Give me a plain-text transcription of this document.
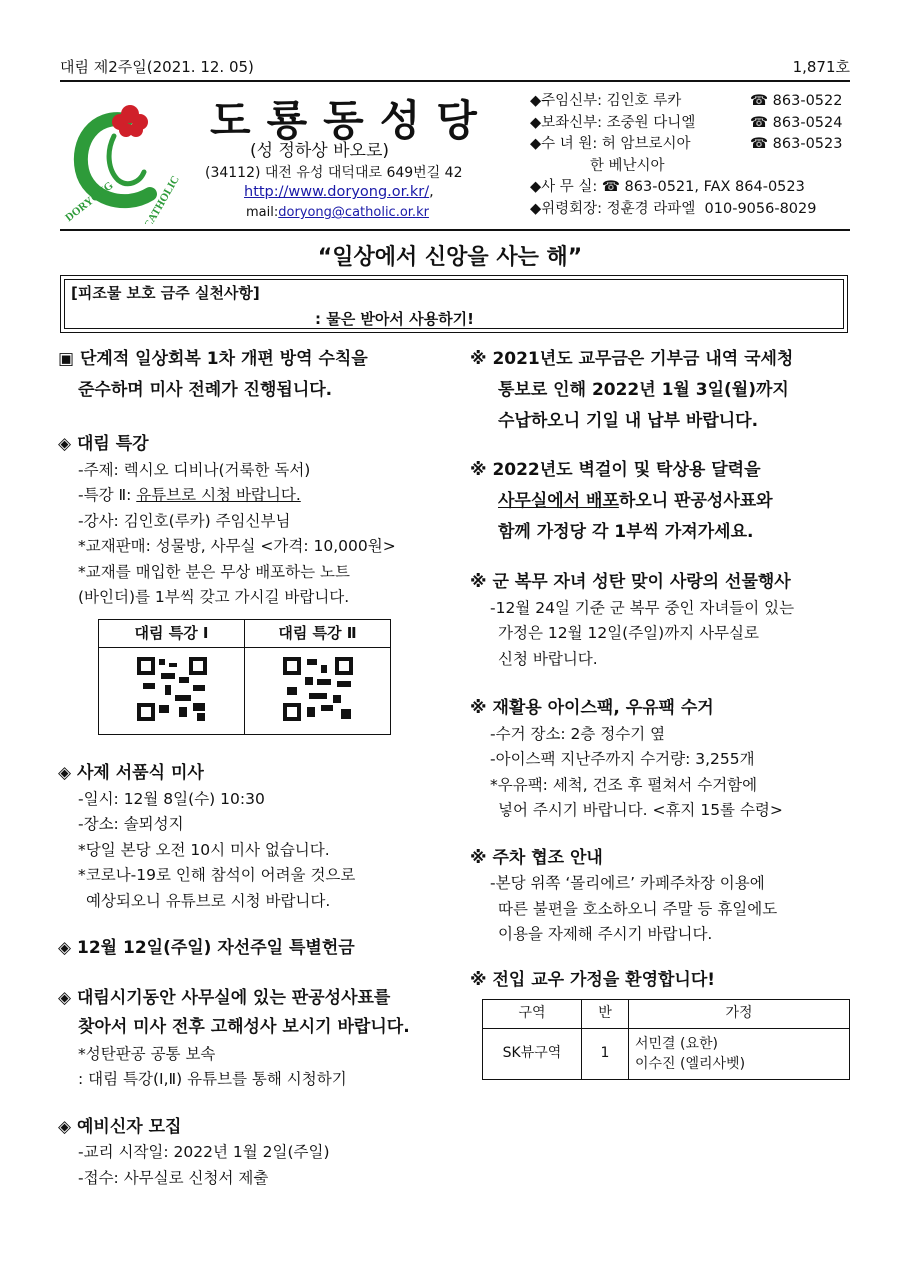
대림 제2주일(2021. 12. 05)	1,871호
DORYONG CATHOLIC
도룡동성당
(성 정하상 바오로)
(34112) 대전 유성 대덕대로 649번길 42
http://www.doryong.or.kr/,
mail:doryong@catholic.or.kr
◆주임신부: 김인호 루카	☎ 863-0522
◆보좌신부: 조중원 다니엘	☎ 863-0524
◆수 녀 원: 허 암브로시아	☎ 863-0523
한 베난시아
◆사 무 실: ☎ 863-0521, FAX 864-0523
◆위령회장: 정훈경 라파엘  010-9056-8029
“일상에서 신앙을 사는 해”
[피조물 보호 금주 실천사항]
: 물은 받아서 사용하기!
▣ 단계적 일상회복 1차 개편 방역 수칙을
준수하며 미사 전례가 진행됩니다.
◈ 대림 특강
-주제: 렉시오 디비나(거룩한 독서)
-특강 Ⅱ: 유튜브로 시청 바랍니다.
-강사: 김인호(루카) 주임신부님
*교재판매: 성물방, 사무실 <가격: 10,000원>
*교재를 매입한 분은 무상 배포하는 노트
(바인더)를 1부씩 갖고 가시길 바랍니다.
대림 특강 Ⅰ	대림 특강 Ⅱ

◈ 사제 서품식 미사
-일시: 12월 8일(수) 10:30
-장소: 솔뫼성지
*당일 본당 오전 10시 미사 없습니다.
*코로나-19로 인해 참석이 어려울 것으로
예상되오니 유튜브로 시청 바랍니다.
◈ 12월 12일(주일) 자선주일 특별헌금
◈ 대림시기동안 사무실에 있는 판공성사표를
찾아서 미사 전후 고해성사 보시기 바랍니다.
*성탄판공 공통 보속
: 대림 특강(Ⅰ,Ⅱ) 유튜브를 통해 시청하기
◈ 예비신자 모집
-교리 시작일: 2022년 1월 2일(주일)
-접수: 사무실로 신청서 제출
※ 2021년도 교무금은 기부금 내역 국세청
통보로 인해 2022년 1월 3일(월)까지
수납하오니 기일 내 납부 바랍니다.
※ 2022년도 벽걸이 및 탁상용 달력을
사무실에서 배포하오니 판공성사표와
함께 가정당 각 1부씩 가져가세요.
※ 군 복무 자녀 성탄 맞이 사랑의 선물행사
-12월 24일 기준 군 복무 중인 자녀들이 있는
가정은 12월 12일(주일)까지 사무실로
신청 바랍니다.
※ 재활용 아이스팩, 우유팩 수거
-수거 장소: 2층 정수기 옆
-아이스팩 지난주까지 수거량: 3,255개
*우유팩: 세척, 건조 후 펼쳐서 수거함에
넣어 주시기 바랍니다. <휴지 15롤 수령>
※ 주차 협조 안내
-본당 위쪽 ‘몰리에르’ 카페주차장 이용에
따른 불편을 호소하오니 주말 등 휴일에도
이용을 자제해 주시기 바랍니다.
※ 전입 교우 가정을 환영합니다!
구역	반	가정
SK뷰구역	1	서민결 (요한)
이수진 (엘리사벳)
